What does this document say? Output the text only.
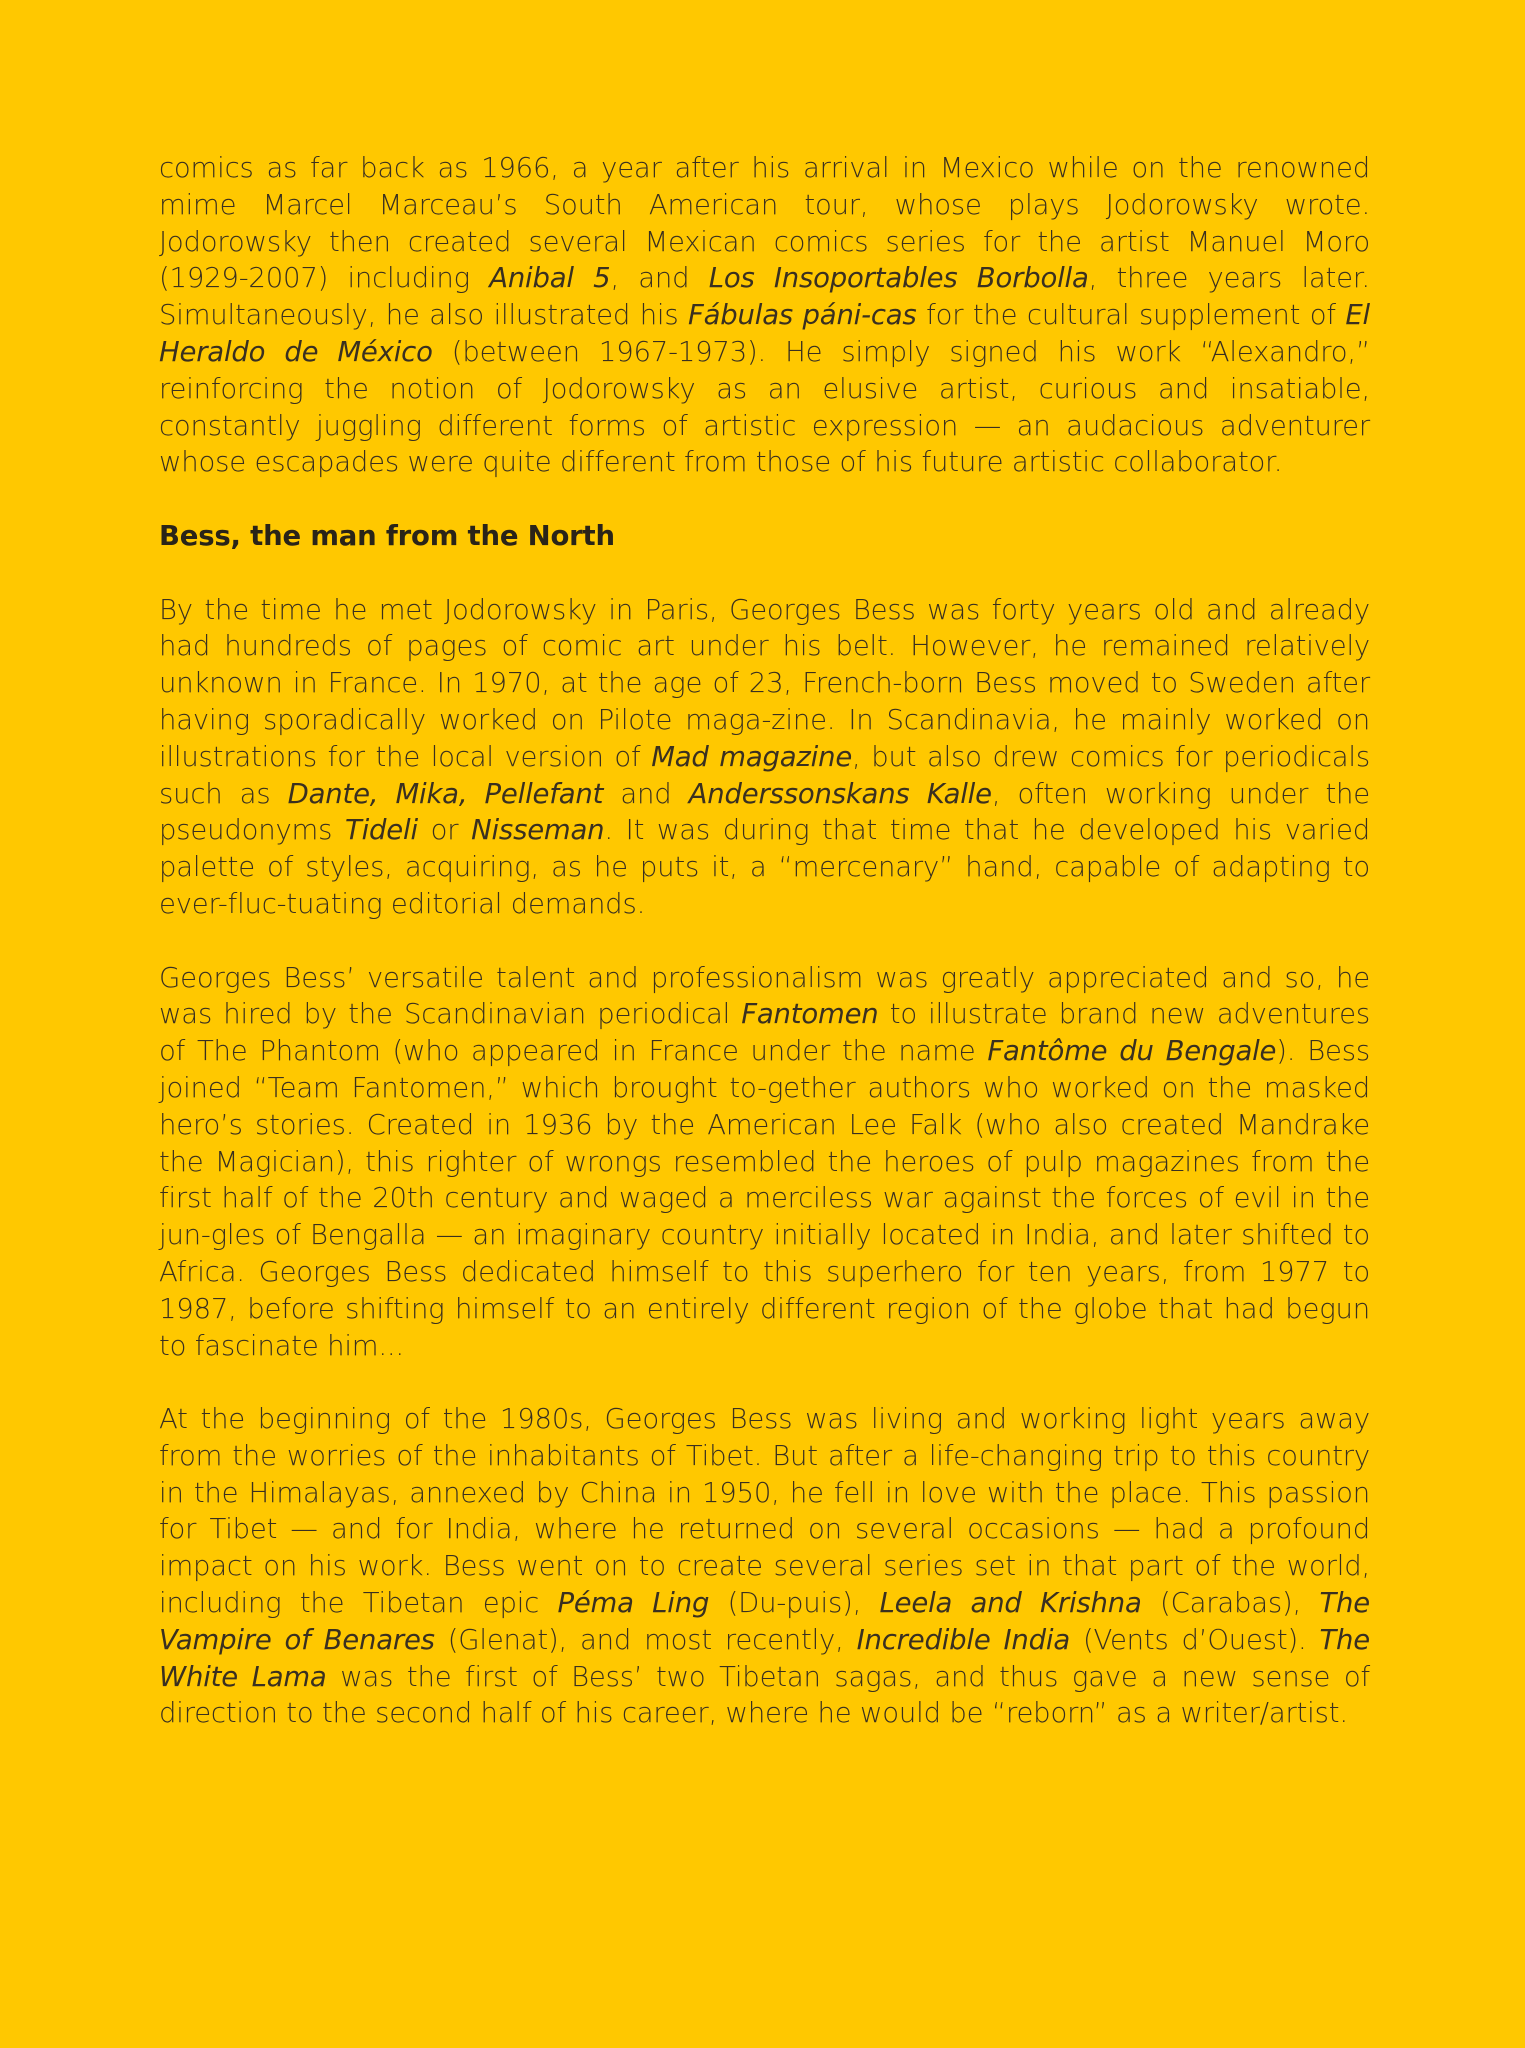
comics as far back as 1966, a year after his arrival in Mexico while on the renowned mime Marcel Marceau’s South American tour, whose plays Jodorowsky wrote. Jodorowsky then created several Mexican comics series for the artist Manuel Moro (1929-2007) including Anibal 5, and Los Insoportables Borbolla, three years later. Simultaneously, he also illustrated his Fábulas páni-cas for the cultural supplement of El Heraldo de México (between 1967-1973). He simply signed his work “Alexandro,” reinforcing the notion of Jodorowsky as an elusive artist, curious and insatiable, constantly juggling different forms of artistic expression — an audacious adventurer whose escapades were quite different from those of his future artistic collaborator.

Bess, the man from the North

By the time he met Jodorowsky in Paris, Georges Bess was forty years old and already had hundreds of pages of comic art under his belt. However, he remained relatively unknown in France. In 1970, at the age of 23, French-born Bess moved to Sweden after having sporadically worked on Pilote maga-zine. In Scandinavia, he mainly worked on illustrations for the local version of Mad magazine, but also drew comics for periodicals such as Dante, Mika, Pellefant and Anderssonskans Kalle, often working under the pseudonyms Tideli or Nisseman. It was during that time that he developed his varied palette of styles, acquiring, as he puts it, a “mercenary” hand, capable of adapting to ever-fluc-tuating editorial demands.

Georges Bess’ versatile talent and professionalism was greatly appreciated and so, he was hired by the Scandinavian periodical Fantomen to illustrate brand new adventures of The Phantom (who appeared in France under the name Fantôme du Bengale). Bess joined “Team Fantomen,” which brought to-gether authors who worked on the masked hero’s stories. Created in 1936 by the American Lee Falk (who also created Mandrake the Magician), this righter of wrongs resembled the heroes of pulp magazines from the first half of the 20th century and waged a merciless war against the forces of evil in the jun-gles of Bengalla — an imaginary country initially located in India, and later shifted to Africa. Georges Bess dedicated himself to this superhero for ten years, from 1977 to 1987, before shifting himself to an entirely different region of the globe that had begun to fascinate him...

At the beginning of the 1980s, Georges Bess was living and working light years away from the worries of the inhabitants of Tibet. But after a life-changing trip to this country in the Himalayas, annexed by China in 1950, he fell in love with the place. This passion for Tibet — and for India, where he returned on several occasions — had a profound impact on his work. Bess went on to create several series set in that part of the world, including the Tibetan epic Péma Ling (Du-puis), Leela and Krishna (Carabas), The Vampire of Benares (Glenat), and most recently, Incredible India (Vents d’Ouest). The White Lama was the first of Bess’ two Tibetan sagas, and thus gave a new sense of direction to the second half of his career, where he would be “reborn” as a writer/artist.
